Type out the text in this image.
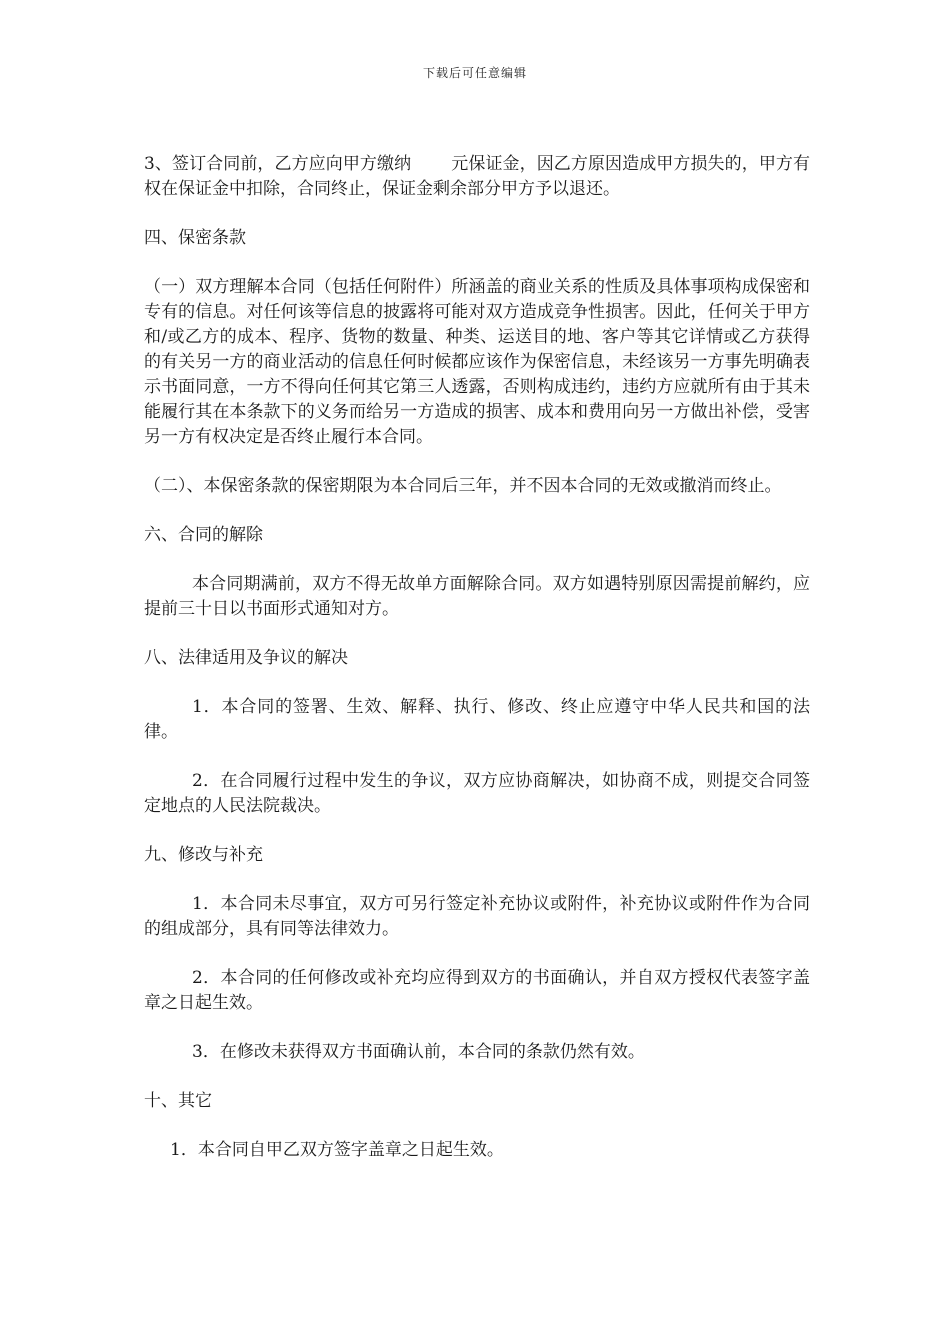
下载后可任意编辑

3、签订合同前，乙方应向甲方缴纳 元保证金，因乙方原因造成甲方损失的，甲方有权在保证金中扣除，合同终止，保证金剩余部分甲方予以退还。

四、保密条款

（一）双方理解本合同（包括任何附件）所涵盖的商业关系的性质及具体事项构成保密和专有的信息。对任何该等信息的披露将可能对双方造成竞争性损害。因此，任何关于甲方和/或乙方的成本、程序、货物的数量、种类、运送目的地、客户等其它详情或乙方获得的有关另一方的商业活动的信息任何时候都应该作为保密信息，未经该另一方事先明确表示书面同意，一方不得向任何其它第三人透露，否则构成违约，违约方应就所有由于其未能履行其在本条款下的义务而给另一方造成的损害、成本和费用向另一方做出补偿，受害另一方有权决定是否终止履行本合同。

（二）、本保密条款的保密期限为本合同后三年，并不因本合同的无效或撤消而终止。

六、合同的解除

本合同期满前，双方不得无故单方面解除合同。双方如遇特别原因需提前解约，应提前三十日以书面形式通知对方。

八、法律适用及争议的解决

1．本合同的签署、生效、解释、执行、修改、终止应遵守中华人民共和国的法律。

2．在合同履行过程中发生的争议，双方应协商解决，如协商不成，则提交合同签定地点的人民法院裁决。

九、修改与补充

1．本合同未尽事宜，双方可另行签定补充协议或附件，补充协议或附件作为合同的组成部分，具有同等法律效力。

2．本合同的任何修改或补充均应得到双方的书面确认，并自双方授权代表签字盖章之日起生效。

3．在修改未获得双方书面确认前，本合同的条款仍然有效。

十、其它

1．本合同自甲乙双方签字盖章之日起生效。
